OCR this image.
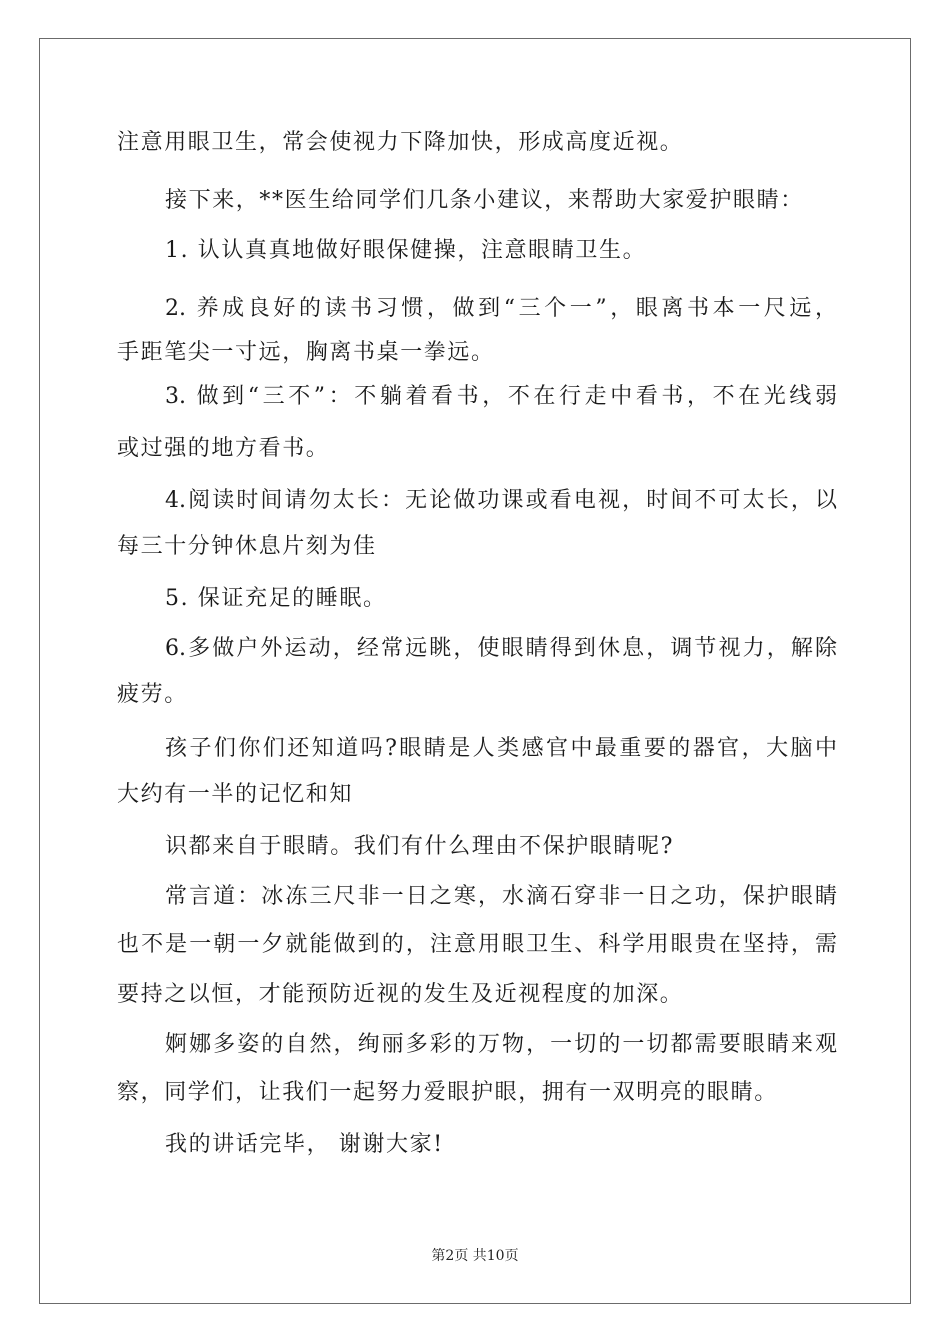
注意用眼卫生，常会使视力下降加快，形成高度近视。
接下来，**医生给同学们几条小建议，来帮助大家爱护眼睛：
1. 认认真真地做好眼保健操，注意眼睛卫生。
2. 养成良好的读书习惯，做到“三个一”，眼离书本一尺远，
手距笔尖一寸远，胸离书桌一拳远。
3. 做到“三不”：不躺着看书，不在行走中看书，不在光线弱
或过强的地方看书。
4.阅读时间请勿太长：无论做功课或看电视，时间不可太长，以
每三十分钟休息片刻为佳
5. 保证充足的睡眠。
6.多做户外运动，经常远眺，使眼睛得到休息，调节视力，解除
疲劳。
孩子们你们还知道吗?眼睛是人类感官中最重要的器官，大脑中
大约有一半的记忆和知
识都来自于眼睛。我们有什么理由不保护眼睛呢?
常言道：冰冻三尺非一日之寒，水滴石穿非一日之功，保护眼睛
也不是一朝一夕就能做到的，注意用眼卫生、科学用眼贵在坚持，需
要持之以恒，才能预防近视的发生及近视程度的加深。
婀娜多姿的自然，绚丽多彩的万物，一切的一切都需要眼睛来观
察，同学们，让我们一起努力爱眼护眼，拥有一双明亮的眼睛。
我的讲话完毕， 谢谢大家!
第2页 共10页
